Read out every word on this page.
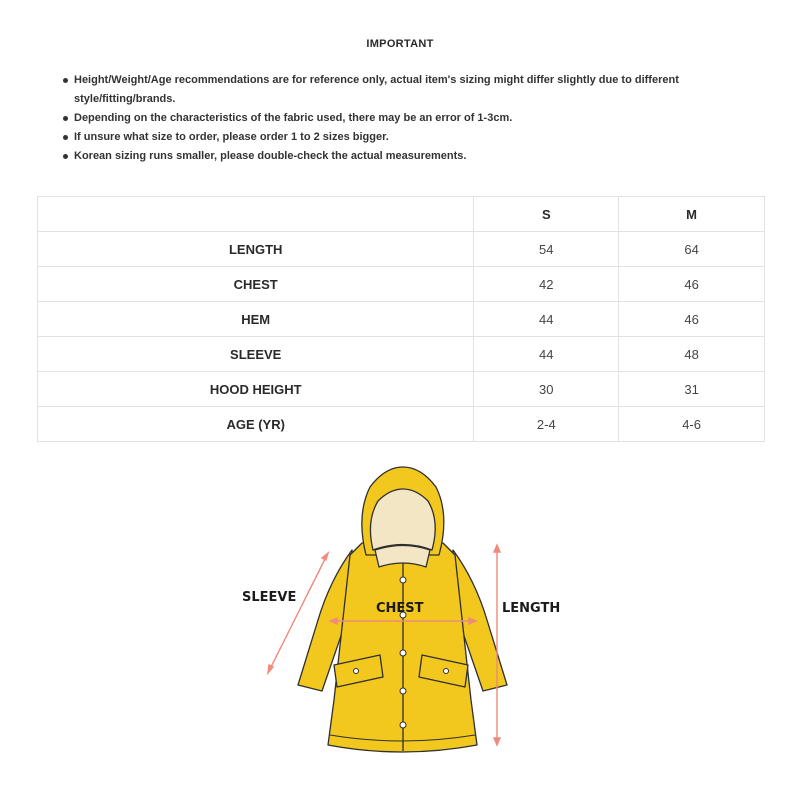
IMPORTANT
Height/Weight/Age recommendations are for reference only, actual item's sizing might differ slightly due to different style/fitting/brands.
Depending on the characteristics of the fabric used, there may be an error of 1-3cm.
If unsure what size to order, please order 1 to 2 sizes bigger.
Korean sizing runs smaller, please double-check the actual measurements.
	S	M
LENGTH	54	64
CHEST	42	46
HEM	44	46
SLEEVE	44	48
HOOD HEIGHT	30	31
AGE (YR)	2-4	4-6
SLEEVE
CHEST	LENGTH
